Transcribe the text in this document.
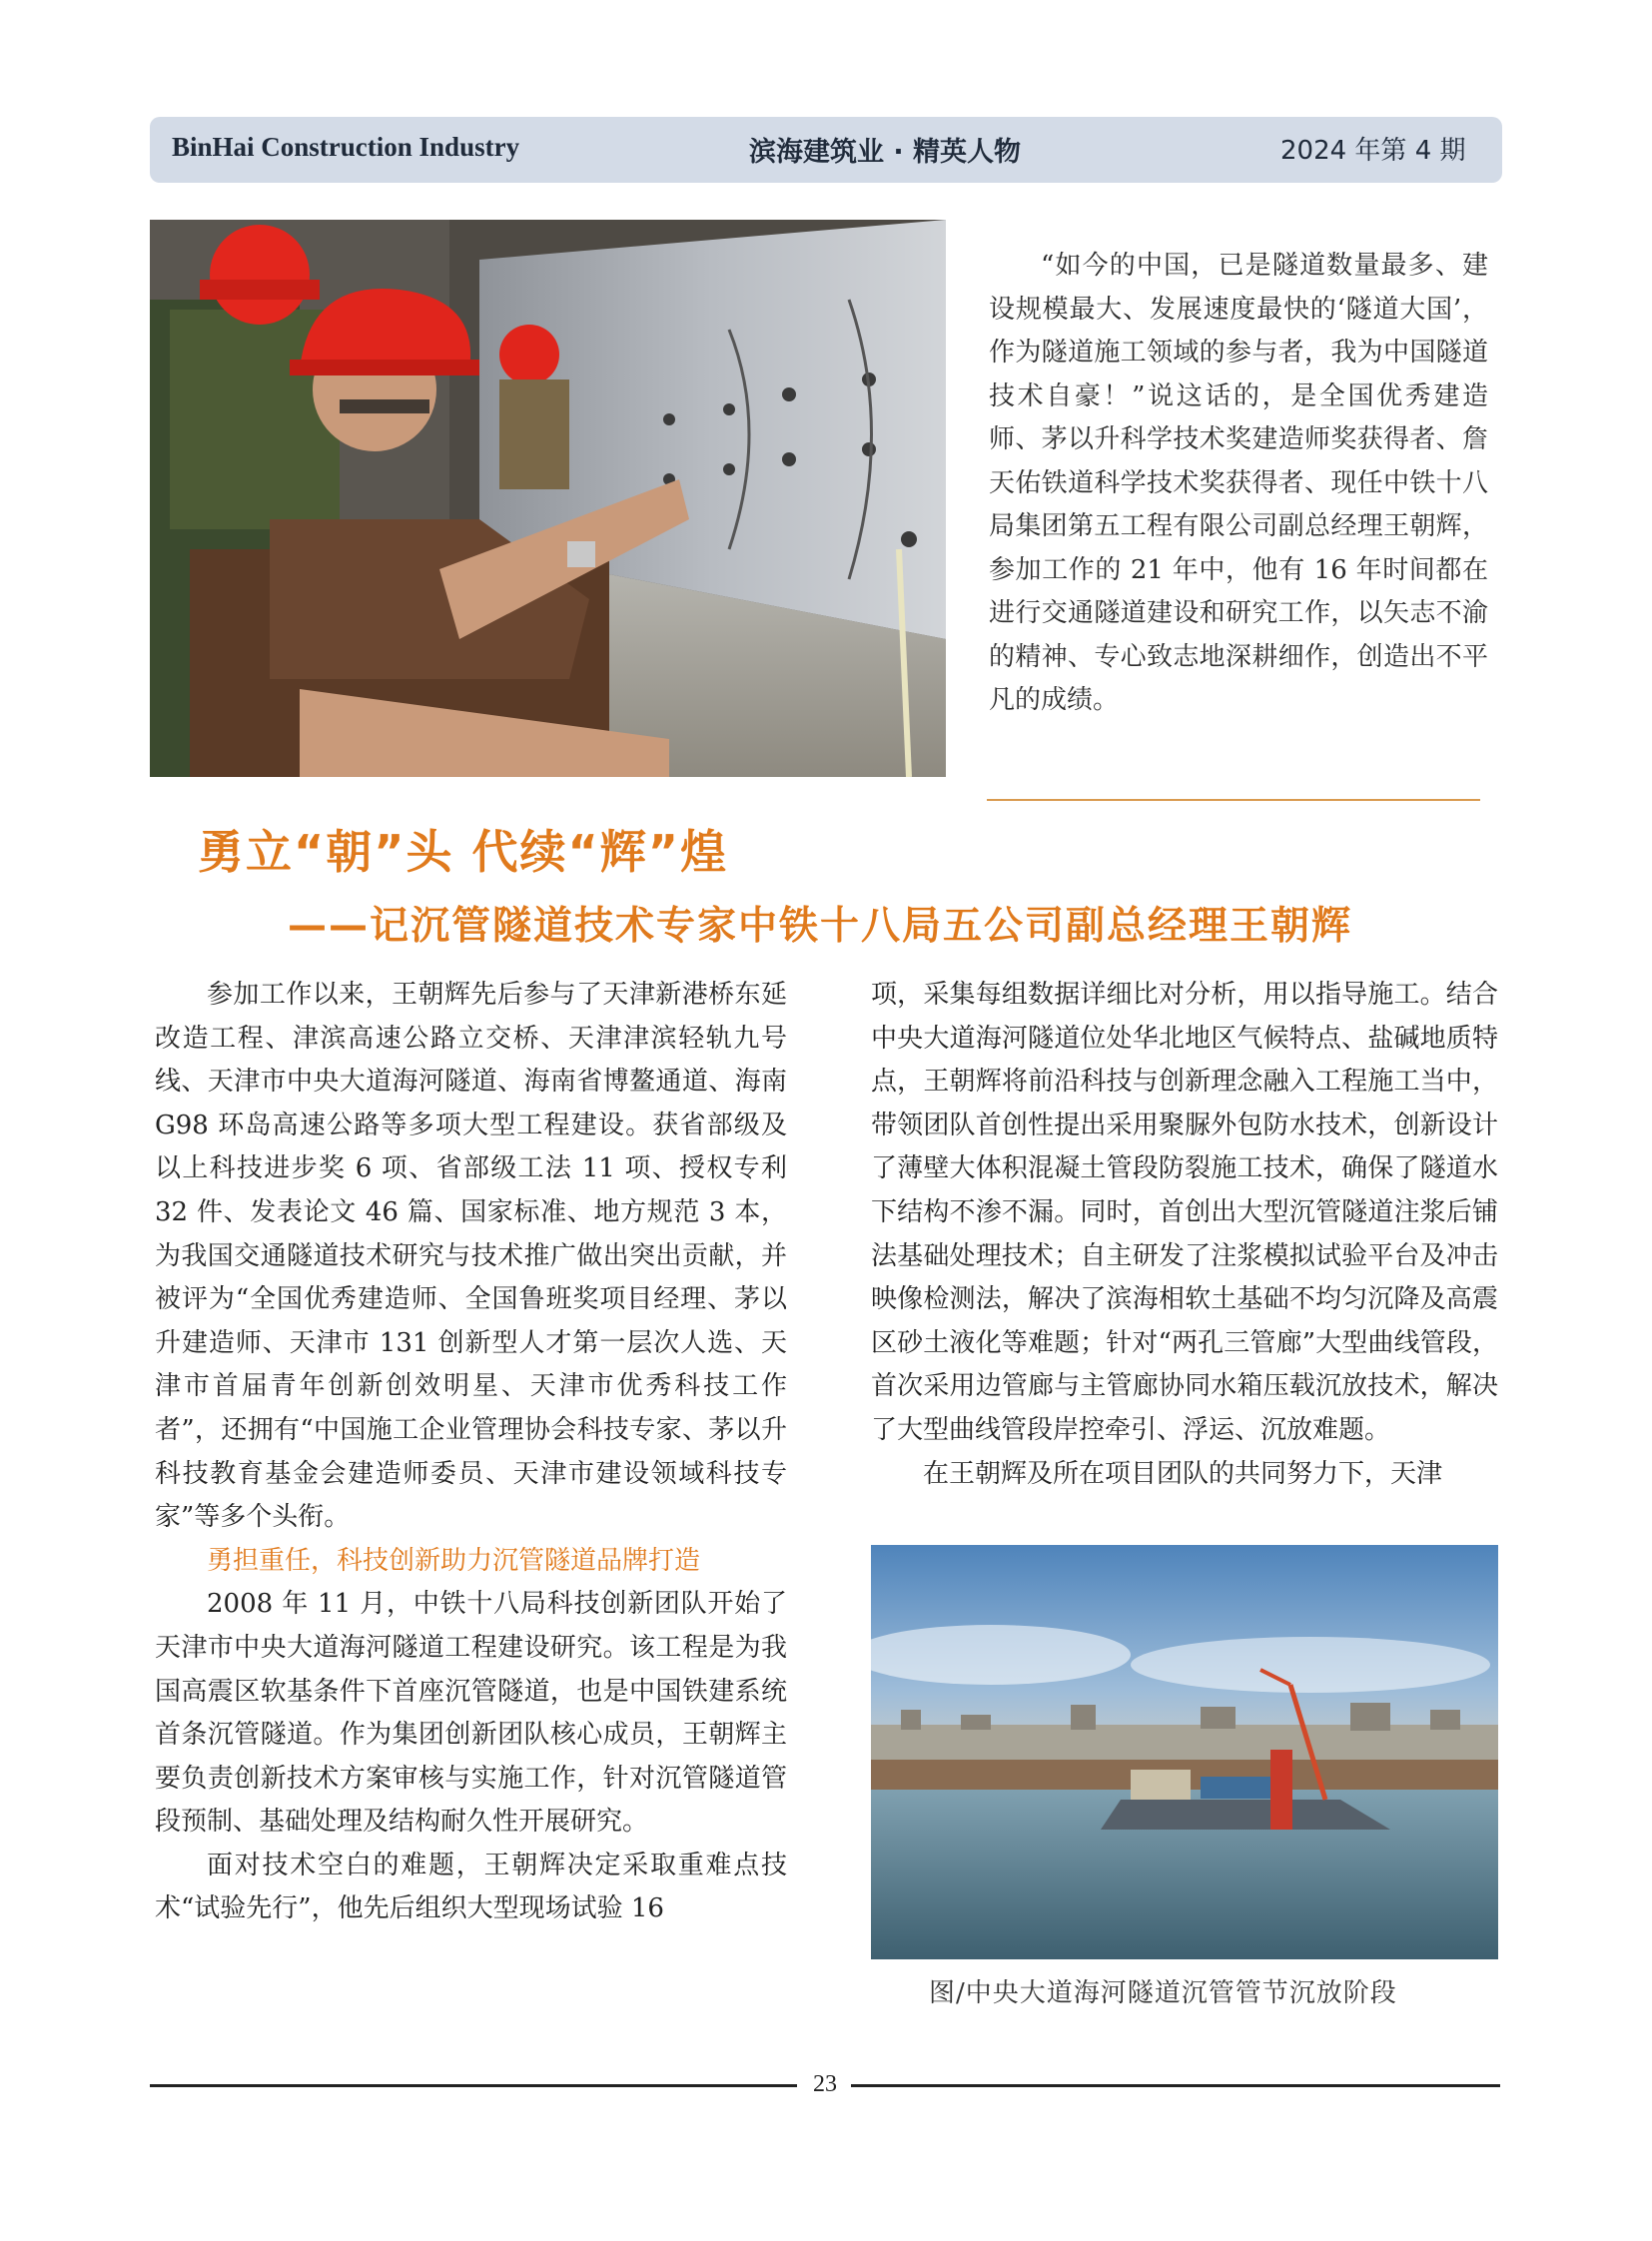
BinHai Construction Industry	滨海建筑业 · 精英人物	2024 年第 4 期

“如今的中国，已是隧道数量最多、建设规模最大、发展速度最快的‘隧道大国’，作为隧道施工领域的参与者，我为中国隧道技术自豪！”说这话的，是全国优秀建造师、茅以升科学技术奖建造师奖获得者、詹天佑铁道科学技术奖获得者、现任中铁十八局集团第五工程有限公司副总经理王朝辉，参加工作的 21 年中，他有 16 年时间都在进行交通隧道建设和研究工作，以矢志不渝的精神、专心致志地深耕细作，创造出不平凡的成绩。

勇立“朝”头 代续“辉”煌
——记沉管隧道技术专家中铁十八局五公司副总经理王朝辉

参加工作以来，王朝辉先后参与了天津新港桥东延改造工程、津滨高速公路立交桥、天津津滨轻轨九号线、天津市中央大道海河隧道、海南省博鳌通道、海南 G98 环岛高速公路等多项大型工程建设。获省部级及以上科技进步奖 6 项、省部级工法 11 项、授权专利 32 件、发表论文 46 篇、国家标准、地方规范 3 本，为我国交通隧道技术研究与技术推广做出突出贡献，并被评为“全国优秀建造师、全国鲁班奖项目经理、茅以升建造师、天津市 131 创新型人才第一层次人选、天津市首届青年创新创效明星、天津市优秀科技工作者”，还拥有“中国施工企业管理协会科技专家、茅以升科技教育基金会建造师委员、天津市建设领域科技专家”等多个头衔。

勇担重任，科技创新助力沉管隧道品牌打造

2008 年 11 月，中铁十八局科技创新团队开始了天津市中央大道海河隧道工程建设研究。该工程是为我国高震区软基条件下首座沉管隧道，也是中国铁建系统首条沉管隧道。作为集团创新团队核心成员，王朝辉主要负责创新技术方案审核与实施工作，针对沉管隧道管段预制、基础处理及结构耐久性开展研究。

面对技术空白的难题，王朝辉决定采取重难点技术“试验先行”，他先后组织大型现场试验 16

项，采集每组数据详细比对分析，用以指导施工。结合中央大道海河隧道位处华北地区气候特点、盐碱地质特点，王朝辉将前沿科技与创新理念融入工程施工当中，带领团队首创性提出采用聚脲外包防水技术，创新设计了薄壁大体积混凝土管段防裂施工技术，确保了隧道水下结构不渗不漏。同时，首创出大型沉管隧道注浆后铺法基础处理技术；自主研发了注浆模拟试验平台及冲击映像检测法，解决了滨海相软土基础不均匀沉降及高震区砂土液化等难题；针对“两孔三管廊”大型曲线管段，首次采用边管廊与主管廊协同水箱压载沉放技术，解决了大型曲线管段岸控牵引、浮运、沉放难题。

在王朝辉及所在项目团队的共同努力下，天津

图/中央大道海河隧道沉管管节沉放阶段
23
